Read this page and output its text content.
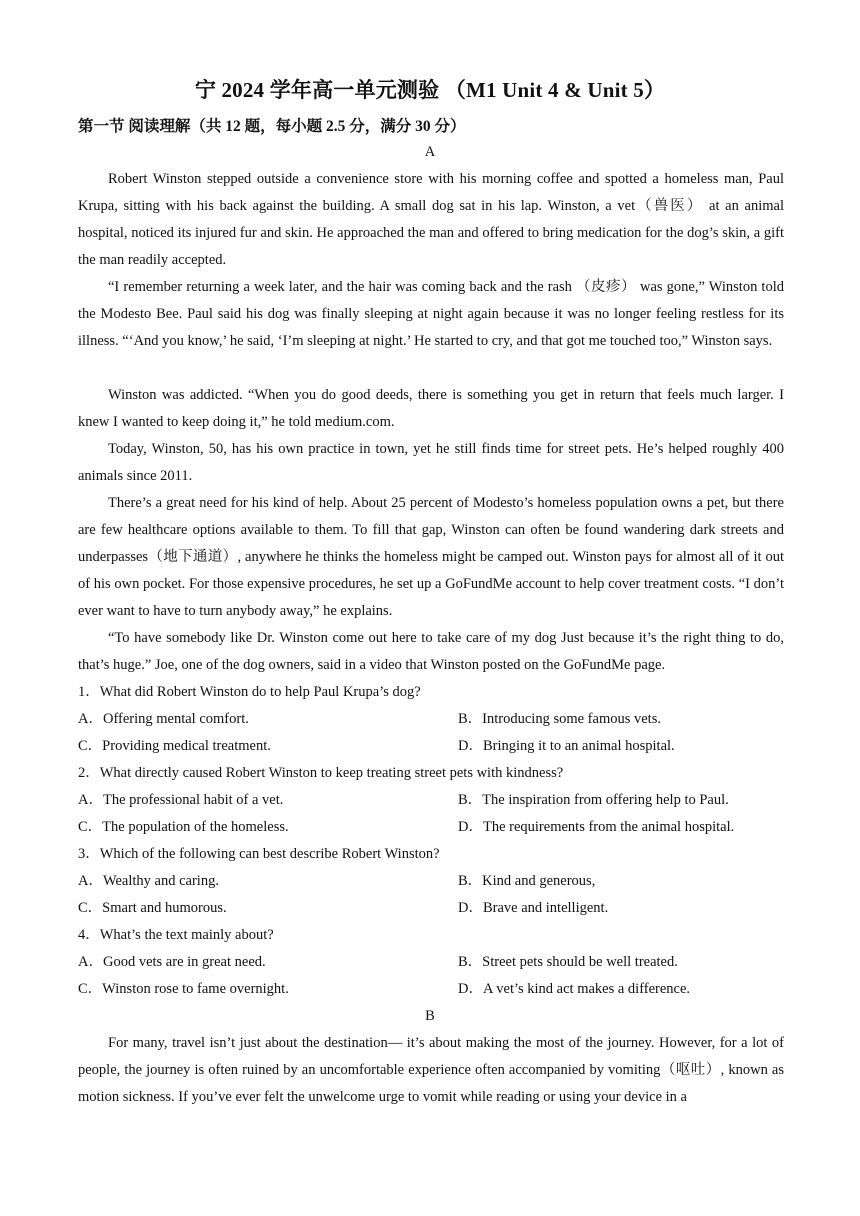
宁 2024 学年高一单元测验 （M1 Unit 4 & Unit 5）
第一节 阅读理解（共 12 题，每小题 2.5 分，满分 30 分）
A

Robert Winston stepped outside a convenience store with his morning coffee and spotted a homeless man, Paul Krupa, sitting with his back against the building. A small dog sat in his lap. Winston, a vet（兽医） at an animal hospital, noticed its injured fur and skin. He approached the man and offered to bring medication for the dog’s skin, a gift the man readily accepted.

“I remember returning a week later, and the hair was coming back and the rash （皮疹） was gone,” Winston told the Modesto Bee. Paul said his dog was finally sleeping at night again because it was no longer feeling restless for its illness. “‘And you know,’ he said, ‘I’m sleeping at night.’ He started to cry, and that got me touched too,” Winston says.

Winston was addicted. “When you do good deeds, there is something you get in return that feels much larger. I knew I wanted to keep doing it,” he told medium.com.

Today, Winston, 50, has his own practice in town, yet he still finds time for street pets. He’s helped roughly 400 animals since 2011.

There’s a great need for his kind of help. About 25 percent of Modesto’s homeless population owns a pet, but there are few healthcare options available to them. To fill that gap, Winston can often be found wandering dark streets and underpasses（地下通道）, anywhere he thinks the homeless might be camped out. Winston pays for almost all of it out of his own pocket. For those expensive procedures, he set up a GoFundMe account to help cover treatment costs. “I don’t ever want to have to turn anybody away,” he explains.

“To have somebody like Dr. Winston come out here to take care of my dog Just because it’s the right thing to do, that’s huge.” Joe, one of the dog owners, said in a video that Winston posted on the GoFundMe page.

1．What did Robert Winston do to help Paul Krupa’s dog?
A．Offering mental comfort.	B．Introducing some famous vets.
C．Providing medical treatment.	D．Bringing it to an animal hospital.
2．What directly caused Robert Winston to keep treating street pets with kindness?
A．The professional habit of a vet.	B．The inspiration from offering help to Paul.
C．The population of the homeless.	D．The requirements from the animal hospital.
3．Which of the following can best describe Robert Winston?
A．Wealthy and caring.	B．Kind and generous,
C．Smart and humorous.	D．Brave and intelligent.
4．What’s the text mainly about?
A．Good vets are in great need.	B．Street pets should be well treated.
C．Winston rose to fame overnight.	D．A vet’s kind act makes a difference.
B

For many, travel isn’t just about the destination— it’s about making the most of the journey. However, for a lot of people, the journey is often ruined by an uncomfortable experience often accompanied by vomiting（呕吐）, known as motion sickness. If you’ve ever felt the unwelcome urge to vomit while reading or using your device in a
